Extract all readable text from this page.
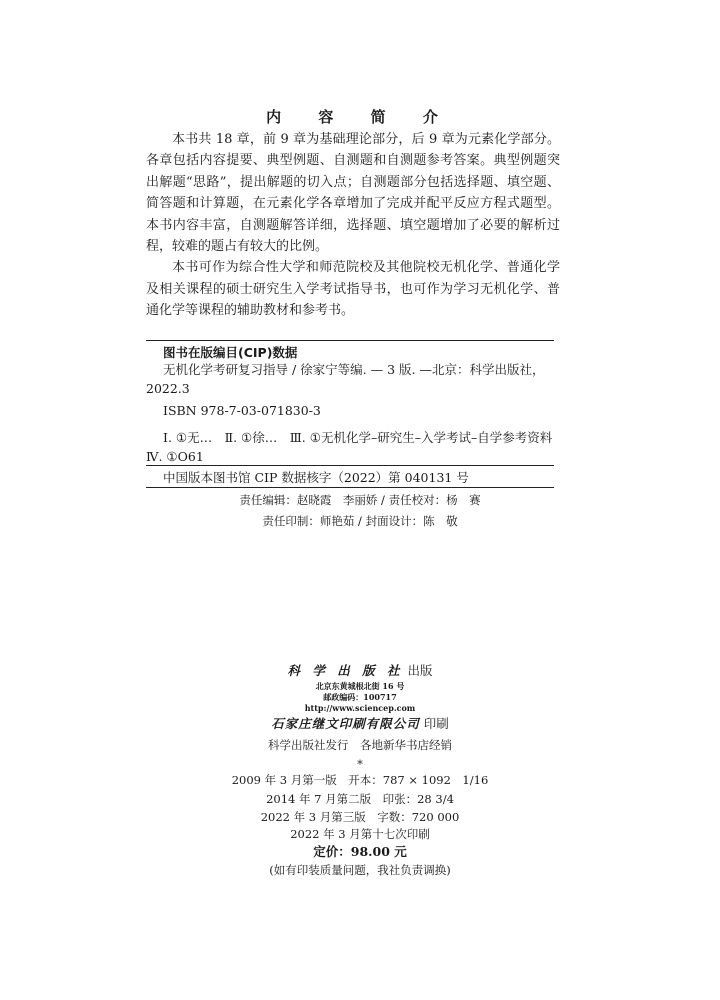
内 容 简 介

本书共 18 章，前 9 章为基础理论部分，后 9 章为元素化学部分。各章包括内容提要、典型例题、自测题和自测题参考答案。典型例题突出解题“思路”，提出解题的切入点；自测题部分包括选择题、填空题、简答题和计算题，在元素化学各章增加了完成并配平反应方程式题型。本书内容丰富，自测题解答详细，选择题、填空题增加了必要的解析过程，较难的题占有较大的比例。

本书可作为综合性大学和师范院校及其他院校无机化学、普通化学及相关课程的硕士研究生入学考试指导书，也可作为学习无机化学、普通化学等课程的辅助教材和参考书。

图书在版编目(CIP)数据
无机化学考研复习指导 / 徐家宁等编. — 3 版. —北京：科学出版社，2022.3
ISBN 978-7-03-071830-3
Ⅰ. ①无…　Ⅱ. ①徐…　Ⅲ. ①无机化学–研究生–入学考试–自学参考资料　Ⅳ. ①O61
中国版本图书馆 CIP 数据核字（2022）第 040131 号
责任编辑：赵晓霞　李丽娇 / 责任校对：杨　赛
责任印制：师艳茹 / 封面设计：陈　敬
科 学 出 版 社 出版
北京东黄城根北街 16 号
邮政编码：100717
http://www.sciencep.com
石家庄继文印刷有限公司 印刷
科学出版社发行　各地新华书店经销
*
2009 年 3 月第一版　开本：787 × 1092　1/16
2014 年 7 月第二版　印张：28 3/4
2022 年 3 月第三版　字数：720 000
2022 年 3 月第十七次印刷
定价：98.00 元
(如有印装质量问题，我社负责调换)
